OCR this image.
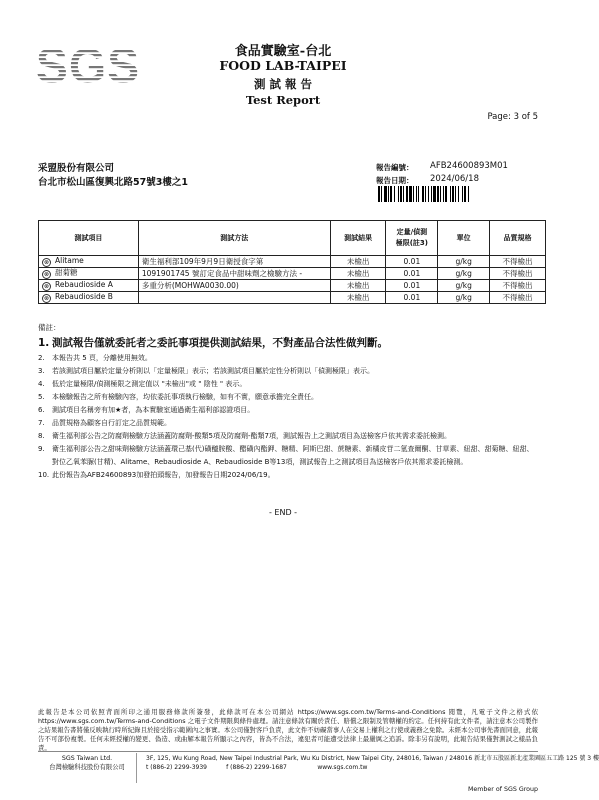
SGS	食品實驗室-台北
FOOD LAB-TAIPEI
測 試 報 告
Test Report
Page: 3 of 5
采盟股份有限公司
台北市松山區復興北路57號3樓之1
報告編號： AFB24600893M01
報告日期： 2024/06/18
測試項目	測試方法	測試結果	定量/偵測
極限(註3)	單位	品質規格
⊗ Alitame	衛生福利部109年9月9日衛授食字第	未檢出	0.01	g/kg	不得檢出
⊗ 甜菊糖	1091901745 號訂定食品中甜味劑之檢驗方法 -	未檢出	0.01	g/kg	不得檢出
⊗ Rebaudioside A	多重分析(MOHWA0030.00)	未檢出	0.01	g/kg	不得檢出
⊗ Rebaudioside B		未檢出	0.01	g/kg	不得檢出
備註：
1. 測試報告僅就委託者之委託事項提供測試結果，不對產品合法性做判斷。
2.	本報告共 5 頁，分離使用無效。
3.	若該測試項目屬於定量分析則以「定量極限」表示；若該測試項目屬於定性分析則以「偵測極限」表示。
4.	低於定量極限/偵測極限之測定值以 "未檢出"或 " 陰性 " 表示。
5.	本檢驗報告之所有檢驗內容，均依委託事項執行檢驗，如有不實，願意承擔完全責任。
6.	測試項目名稱旁有加★者，為本實驗室通過衛生福利部認證項目。
7.	品質規格為顧客自行訂定之品質規範。
8.	衛生福利部公告之防腐劑檢驗方法涵蓋防腐劑-酸類5項及防腐劑-酯類7項，測試報告上之測試項目為送檢客戶依其需求委託檢測。
9.	衛生福利部公告之甜味劑檢驗方法涵蓋環己基(代)磺醯胺酸、醋磺內酯鉀、糖精、阿斯巴甜、蔗糖素、新橘皮苷二氫查爾酮、甘草素、紐甜、甜菊糖、紐甜、對位乙氧苯脲(甘精)、Alitame、Rebaudioside A、Rebaudioside B等13項，測試報告上之測試項目為送檢客戶依其需求委託檢測。
10. 此份報告為AFB24600893加發拍頭報告，加發報告日期2024/06/19。
- END -
此報告是本公司依照背面所印之通用服務條款所簽發，此條款可在本公司網站 https://www.sgs.com.tw/Terms-and-Conditions 閱覽，凡電子文件之格式依 https://www.sgs.com.tw/Terms-and-Conditions 之電子文件期限與條件處理。請注意條款有關於責任、賠償之限制及管轄權的約定。任何持有此文件者，請注意本公司製作之結果報告書將僅反映執行時所紀錄且於接受指示範圍內之事實。本公司僅對客戶負責，此文件不妨礙當事人在交易上權利之行使或義務之免除。未經本公司事先書面同意，此報告不可部份複製。任何未經授權的變更、偽造、或曲解本報告所顯示之內容，皆為不合法，違犯者可能遭受法律上最嚴厲之追訴。除非另有說明，此報告結果僅對測試之樣品負責。
SGS Taiwan Ltd.
台灣檢驗科技股份有限公司
3F, 125, Wu Kung Road, New Taipei Industrial Park, Wu Ku District, New Taipei City, 248016, Taiwan / 248016 新北市五股區新北產業園區五工路 125 號 3 樓
t (886-2) 2299-3939	f (886-2) 2299-1687	www.sgs.com.tw
Member of SGS Group
